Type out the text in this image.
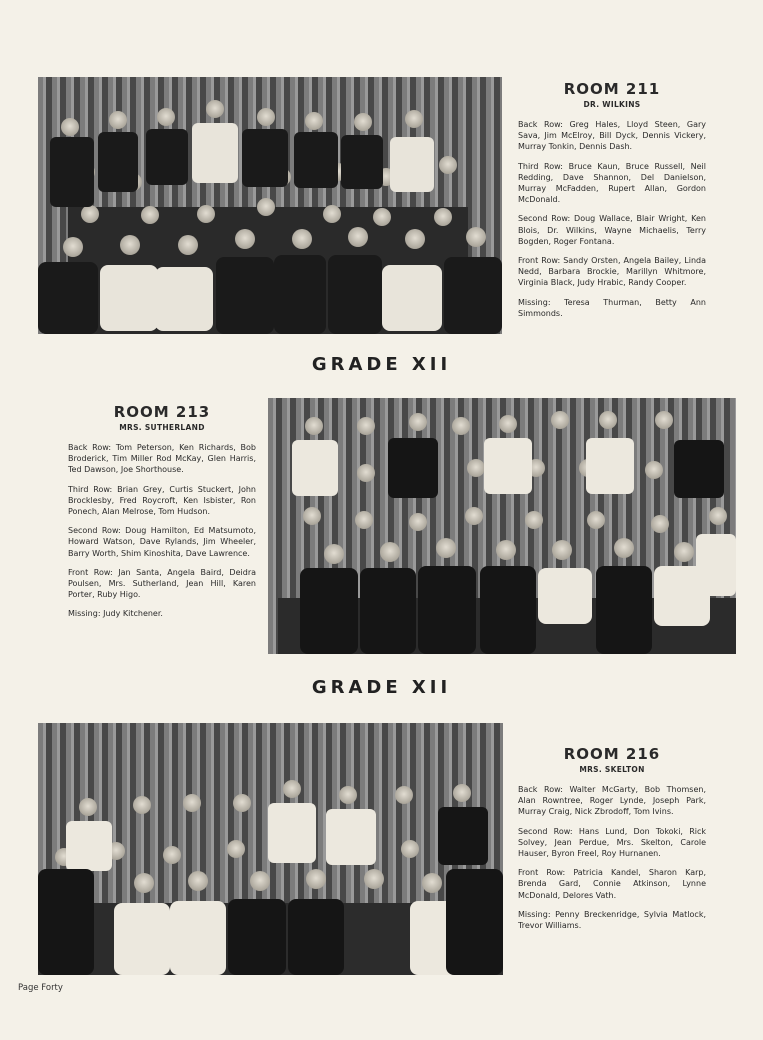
ROOM 211

DR. WILKINS

Back Row: Greg Hales, Lloyd Steen, Gary Sava, Jim McElroy, Bill Dyck, Dennis Vickery, Murray Tonkin, Dennis Dash.

Third Row: Bruce Kaun, Bruce Russell, Neil Redding, Dave Shannon, Del Danielson, Murray McFadden, Rupert Allan, Gordon McDonald.

Second Row: Doug Wallace, Blair Wright, Ken Blois, Dr. Wilkins, Wayne Michaelis, Terry Bogden, Roger Fontana.

Front Row: Sandy Orsten, Angela Bailey, Linda Nedd, Barbara Brockie, Marillyn Whitmore, Virginia Black, Judy Hrabic, Randy Cooper.

Missing: Teresa Thurman, Betty Ann Simmonds.

GRADE XII

ROOM 213

MRS. SUTHERLAND

Back Row: Tom Peterson, Ken Richards, Bob Broderick, Tim Miller Rod McKay, Glen Harris, Ted Dawson, Joe Shorthouse.

Third Row: Brian Grey, Curtis Stuckert, John Brocklesby, Fred Roycroft, Ken Isbister, Ron Ponech, Alan Melrose, Tom Hudson.

Second Row: Doug Hamilton, Ed Matsumoto, Howard Watson, Dave Rylands, Jim Wheeler, Barry Worth, Shim Kinoshita, Dave Lawrence.

Front Row: Jan Santa, Angela Baird, Deidra Poulsen, Mrs. Sutherland, Jean Hill, Karen Porter, Ruby Higo.

Missing: Judy Kitchener.

GRADE XII

ROOM 216

MRS. SKELTON

Back Row: Walter McGarty, Bob Thomsen, Alan Rowntree, Roger Lynde, Joseph Park, Murray Craig, Nick Zbrodoff, Tom Ivins.

Second Row: Hans Lund, Don Tokoki, Rick Solvey, Jean Perdue, Mrs. Skelton, Carole Hauser, Byron Freel, Roy Hurnanen.

Front Row: Patricia Kandel, Sharon Karp, Brenda Gard, Connie Atkinson, Lynne McDonald, Delores Vath.

Missing: Penny Breckenridge, Sylvia Matlock, Trevor Williams.

Page Forty
